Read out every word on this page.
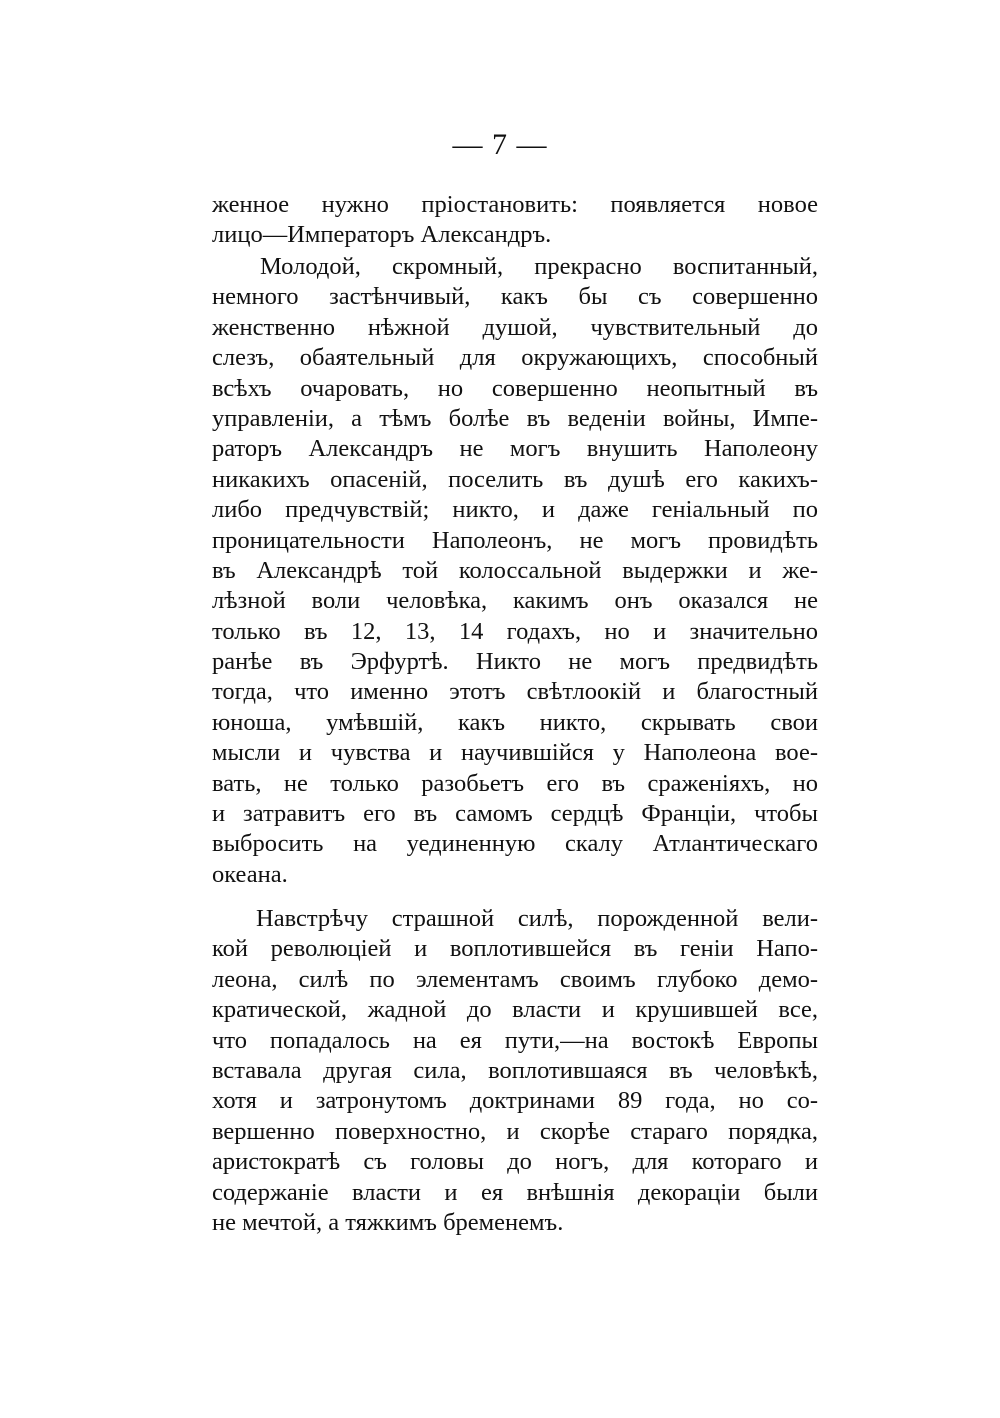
— 7 —
женное нужно пріостановить: появляется новое
лицо—Императоръ Александръ.
Молодой, скромный, прекрасно воспитанный,
немного застѣнчивый, какъ бы съ совершенно
женственно нѣжной душой, чувствительный до
слезъ, обаятельный для окружающихъ, способный
всѣхъ очаровать, но совершенно неопытный въ
управленіи, а тѣмъ болѣе въ веденіи войны, Импе-
раторъ Александръ не могъ внушить Наполеону
никакихъ опасеній, поселить въ душѣ его какихъ-
либо предчувствій; никто, и даже геніальный по
проницательности Наполеонъ, не могъ провидѣть
въ Александрѣ той колоссальной выдержки и же-
лѣзной воли человѣка, какимъ онъ оказался не
только въ 12, 13, 14 годахъ, но и значительно
ранѣе въ Эрфуртѣ. Никто не могъ предвидѣть
тогда, что именно этотъ свѣтлоокій и благостный
юноша, умѣвшій, какъ никто, скрывать свои
мысли и чувства и научившійся у Наполеона вое-
вать, не только разобьетъ его въ сраженіяхъ, но
и затравитъ его въ самомъ сердцѣ Франціи, чтобы
выбросить на уединенную скалу Атлантическаго
океана.
Навстрѣчу страшной силѣ, порожденной вели-
кой революціей и воплотившейся въ геніи Напо-
леона, силѣ по элементамъ своимъ глубоко демо-
кратической, жадной до власти и крушившей все,
что попадалось на ея пути,—на востокѣ Европы
вставала другая сила, воплотившаяся въ человѣкѣ,
хотя и затронутомъ доктринами 89 года, но со-
вершенно поверхностно, и скорѣе стараго порядка,
аристократѣ съ головы до ногъ, для котораго и
содержаніе власти и ея внѣшнія декораціи были
не мечтой, а тяжкимъ бременемъ.
